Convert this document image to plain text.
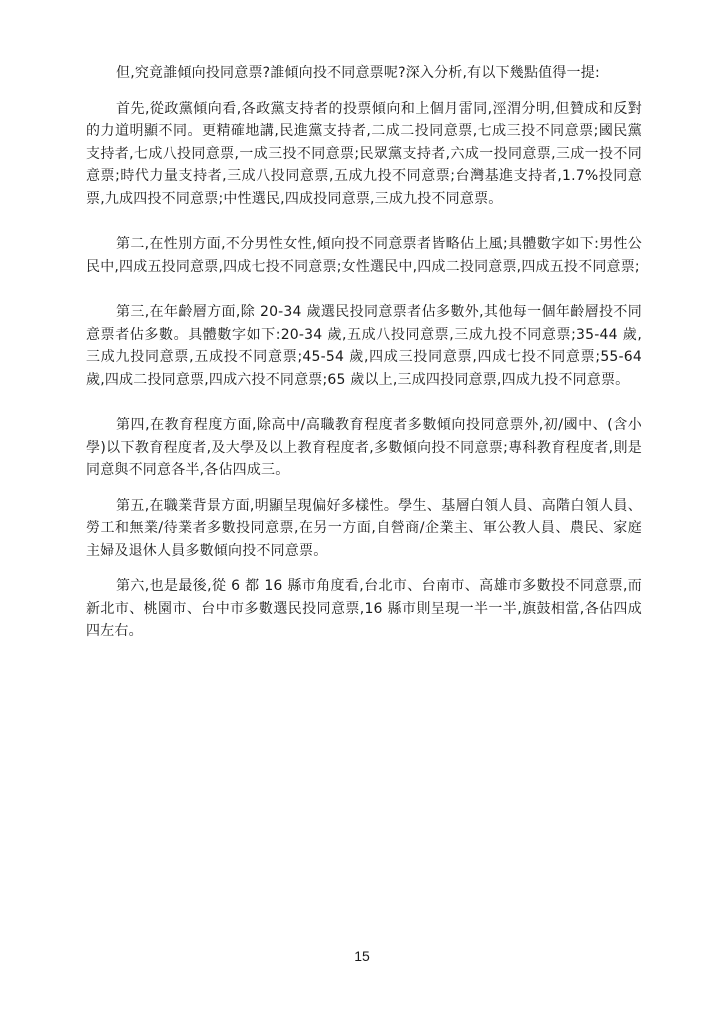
但,究竟誰傾向投同意票?誰傾向投不同意票呢?深入分析,有以下幾點值得一提:

首先,從政黨傾向看,各政黨支持者的投票傾向和上個月雷同,涇渭分明,但贊成和反對的力道明顯不同。更精確地講,民進黨支持者,二成二投同意票,七成三投不同意票;國民黨支持者,七成八投同意票,一成三投不同意票;民眾黨支持者,六成一投同意票,三成一投不同意票;時代力量支持者,三成八投同意票,五成九投不同意票;台灣基進支持者,1.7%投同意票,九成四投不同意票;中性選民,四成投同意票,三成九投不同意票。

第二,在性別方面,不分男性女性,傾向投不同意票者皆略佔上風;具體數字如下:男性公民中,四成五投同意票,四成七投不同意票;女性選民中,四成二投同意票,四成五投不同意票;

第三,在年齡層方面,除 20-34 歲選民投同意票者佔多數外,其他每一個年齡層投不同意票者佔多數。具體數字如下:20-34 歲,五成八投同意票,三成九投不同意票;35-44 歲,三成九投同意票,五成投不同意票;45-54 歲,四成三投同意票,四成七投不同意票;55-64 歲,四成二投同意票,四成六投不同意票;65 歲以上,三成四投同意票,四成九投不同意票。

第四,在教育程度方面,除高中/高職教育程度者多數傾向投同意票外,初/國中、(含小學)以下教育程度者,及大學及以上教育程度者,多數傾向投不同意票;專科教育程度者,則是同意與不同意各半,各佔四成三。

第五,在職業背景方面,明顯呈現偏好多樣性。學生、基層白領人員、高階白領人員、勞工和無業/待業者多數投同意票,在另一方面,自營商/企業主、軍公教人員、農民、家庭主婦及退休人員多數傾向投不同意票。

第六,也是最後,從 6 都 16 縣市角度看,台北市、台南市、高雄市多數投不同意票,而新北市、桃園市、台中市多數選民投同意票,16 縣市則呈現一半一半,旗鼓相當,各佔四成四左右。

15
